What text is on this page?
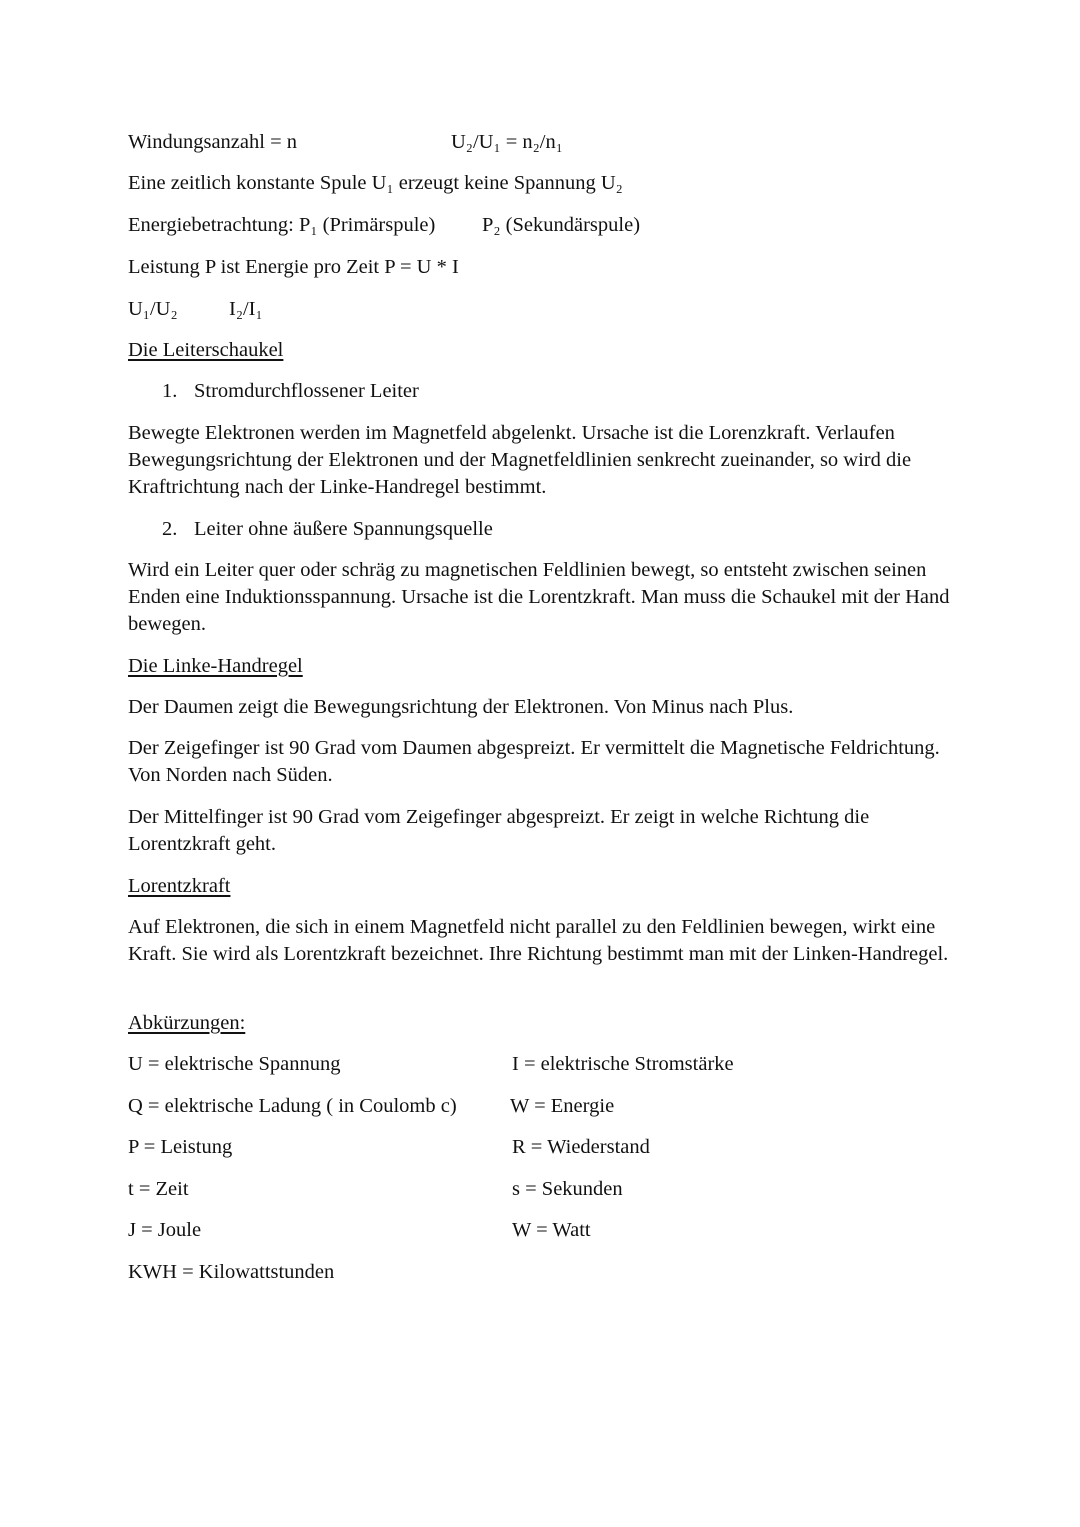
Windungsanzahl = n	U₂/U₁ = n₂/n₁
Eine zeitlich konstante Spule U₁ erzeugt keine Spannung U₂
Energiebetrachtung: P₁ (Primärspule) P₂ (Sekundärspule)
Leistung P ist Energie pro Zeit P = U * I
U₁/U₂	I₂/I₁
Die Leiterschaukel
1. Stromdurchflossener Leiter
Bewegte Elektronen werden im Magnetfeld abgelenkt. Ursache ist die Lorenzkraft. Verlaufen Bewegungsrichtung der Elektronen und der Magnetfeldlinien senkrecht zueinander, so wird die Kraftrichtung nach der Linke-Handregel bestimmt.
2. Leiter ohne äußere Spannungsquelle
Wird ein Leiter quer oder schräg zu magnetischen Feldlinien bewegt, so entsteht zwischen seinen Enden eine Induktionsspannung. Ursache ist die Lorentzkraft. Man muss die Schaukel mit der Hand bewegen.
Die Linke-Handregel
Der Daumen zeigt die Bewegungsrichtung der Elektronen. Von Minus nach Plus.
Der Zeigefinger ist 90 Grad vom Daumen abgespreizt. Er vermittelt die Magnetische Feldrichtung. Von Norden nach Süden.
Der Mittelfinger ist 90 Grad vom Zeigefinger abgespreizt. Er zeigt in welche Richtung die Lorentzkraft geht.
Lorentzkraft
Auf Elektronen, die sich in einem Magnetfeld nicht parallel zu den Feldlinien bewegen, wirkt eine Kraft. Sie wird als Lorentzkraft bezeichnet. Ihre Richtung bestimmt man mit der Linken-Handregel.
Abkürzungen:
U = elektrische Spannung	I = elektrische Stromstärke
Q = elektrische Ladung ( in Coulomb c)	W = Energie
P = Leistung	R = Wiederstand
t = Zeit	s = Sekunden
J = Joule	W = Watt
KWH = Kilowattstunden
